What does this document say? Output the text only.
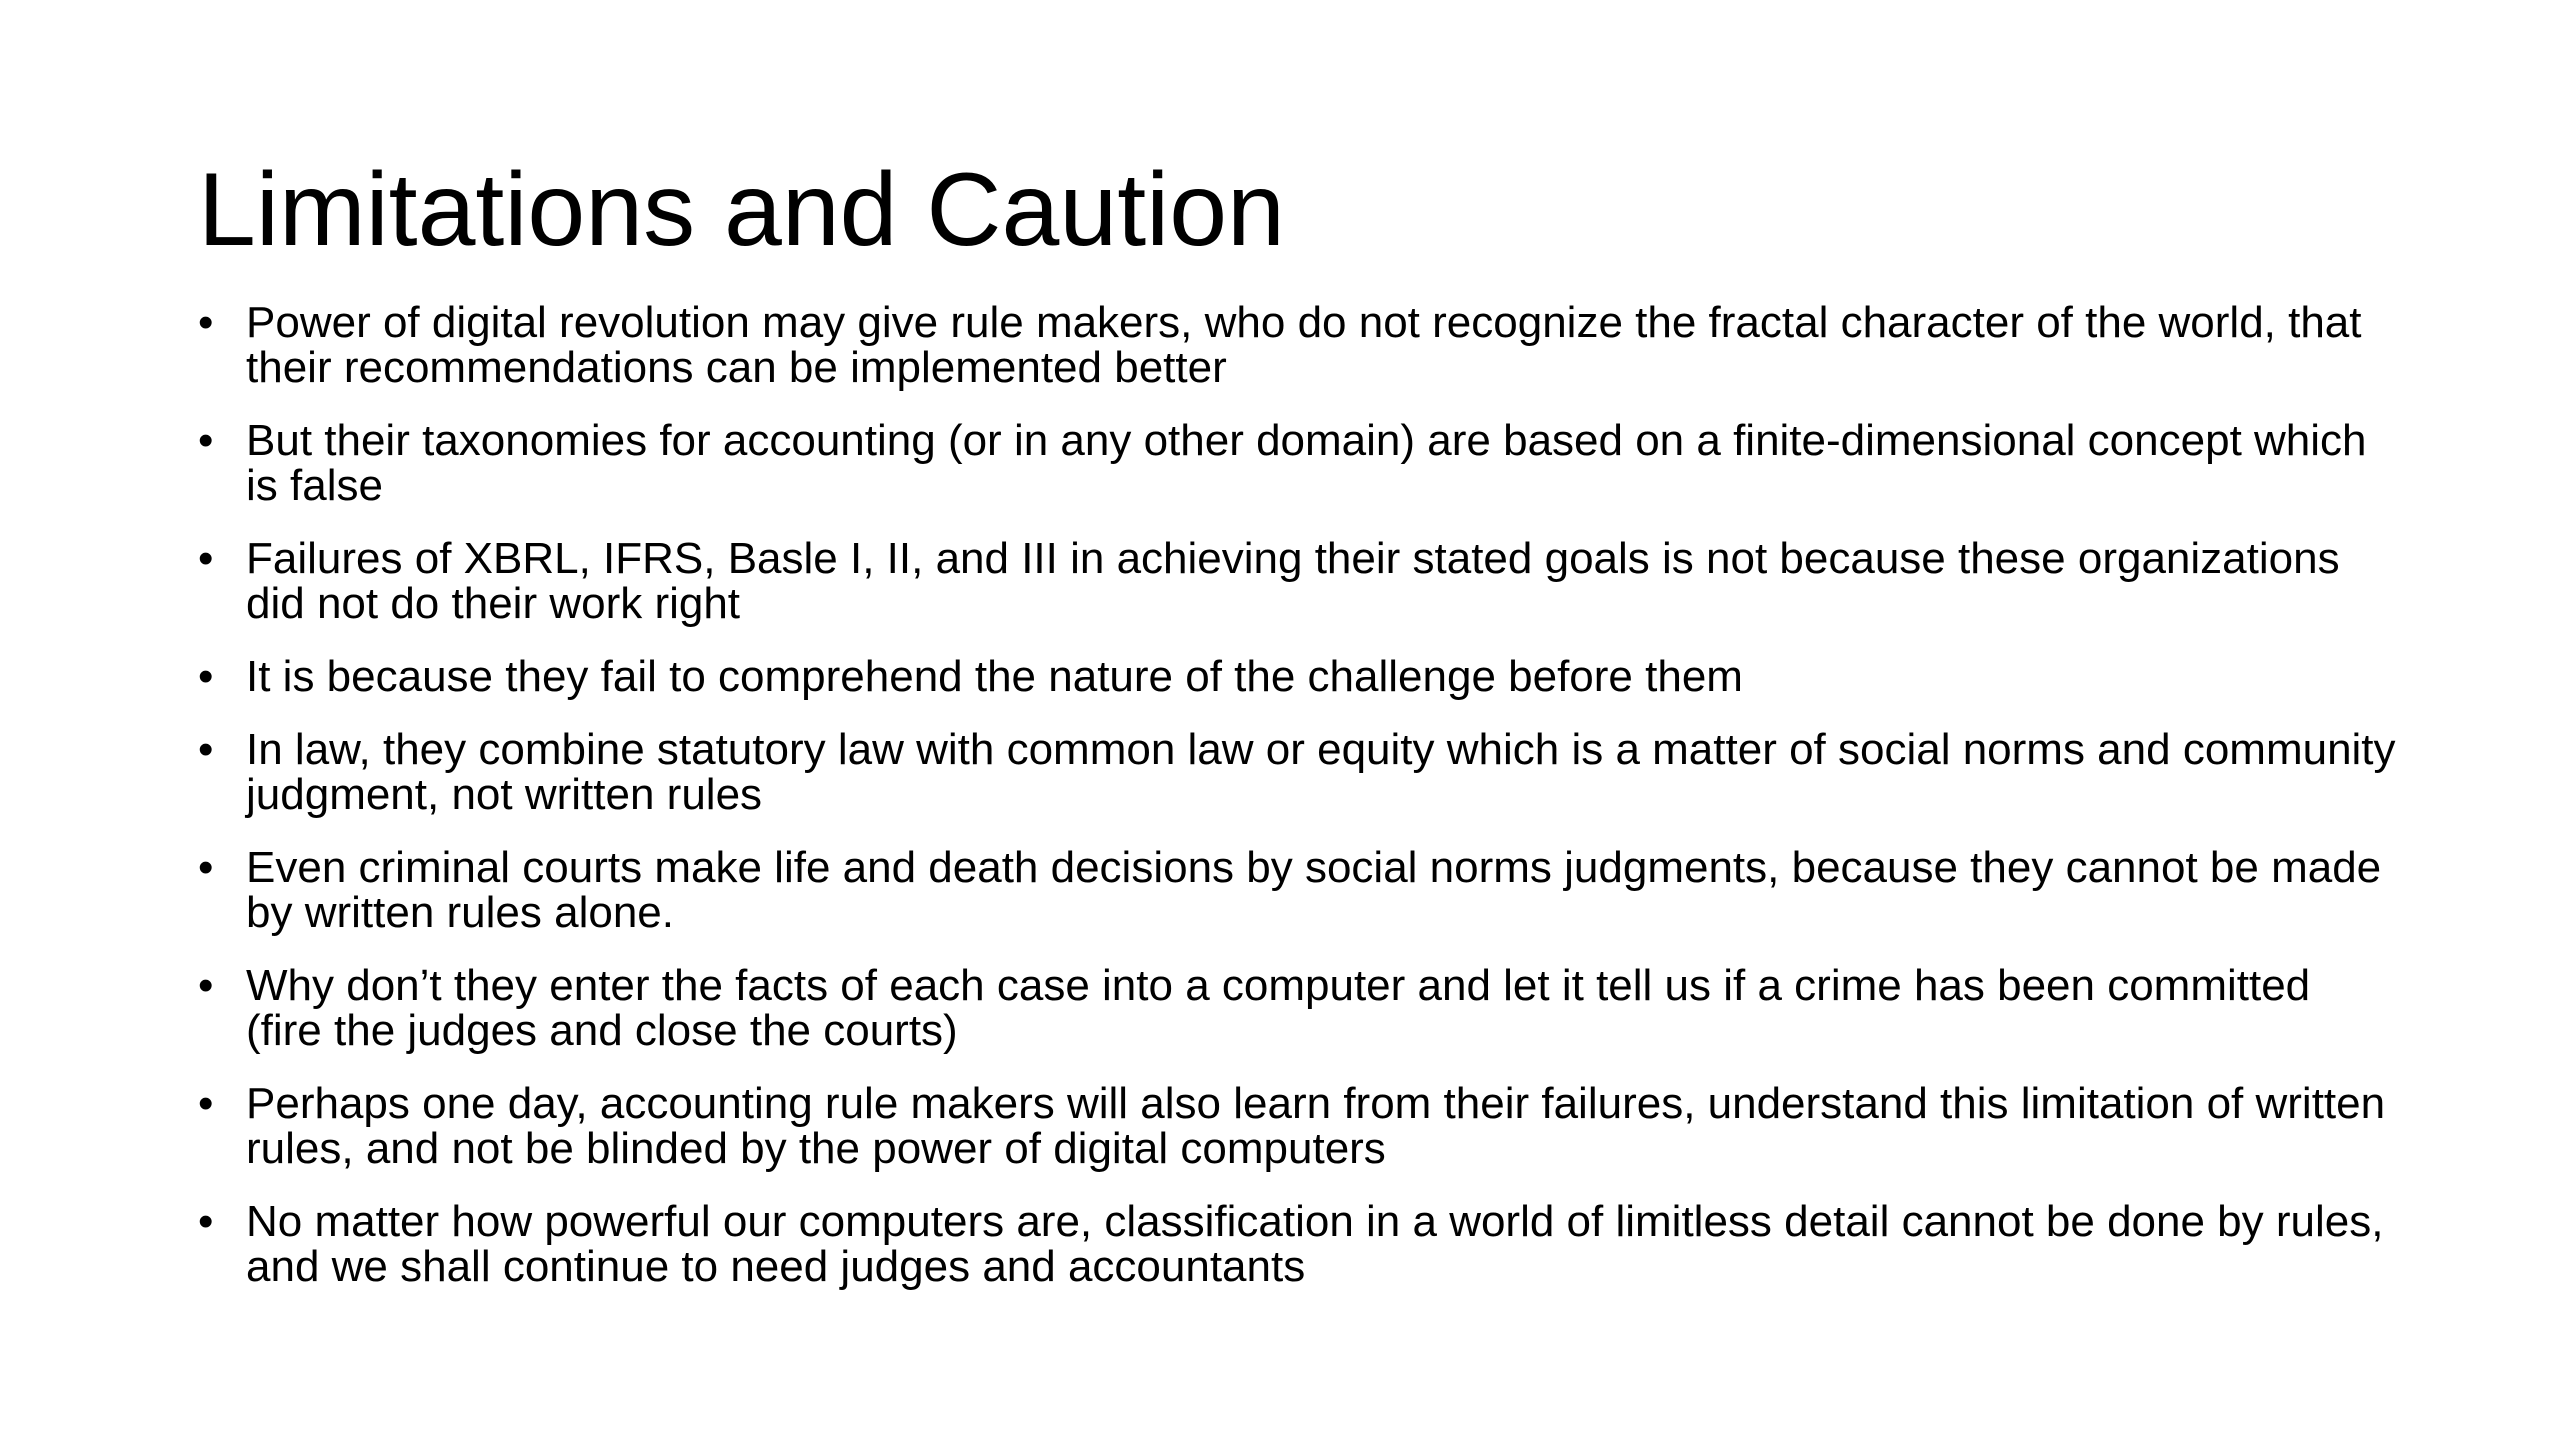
Limitations and Caution
• Power of digital revolution may give rule makers, who do not recognize the fractal character of the world, that their recommendations can be implemented better
• But their taxonomies for accounting (or in any other domain) are based on a finite-dimensional concept which is false
• Failures of XBRL, IFRS, Basle I, II, and III in achieving their stated goals is not because these organizations did not do their work right
• It is because they fail to comprehend the nature of the challenge before them
• In law, they combine statutory law with common law or equity which is a matter of social norms and community judgment, not written rules
• Even criminal courts make life and death decisions by social norms judgments, because they cannot be made by written rules alone.
• Why don’t they enter the facts of each case into a computer and let it tell us if a crime has been committed (fire the judges and close the courts)
• Perhaps one day, accounting rule makers will also learn from their failures, understand this limitation of written rules, and not be blinded by the power of digital computers
• No matter how powerful our computers are, classification in a world of limitless detail cannot be done by rules, and we shall continue to need judges and accountants
